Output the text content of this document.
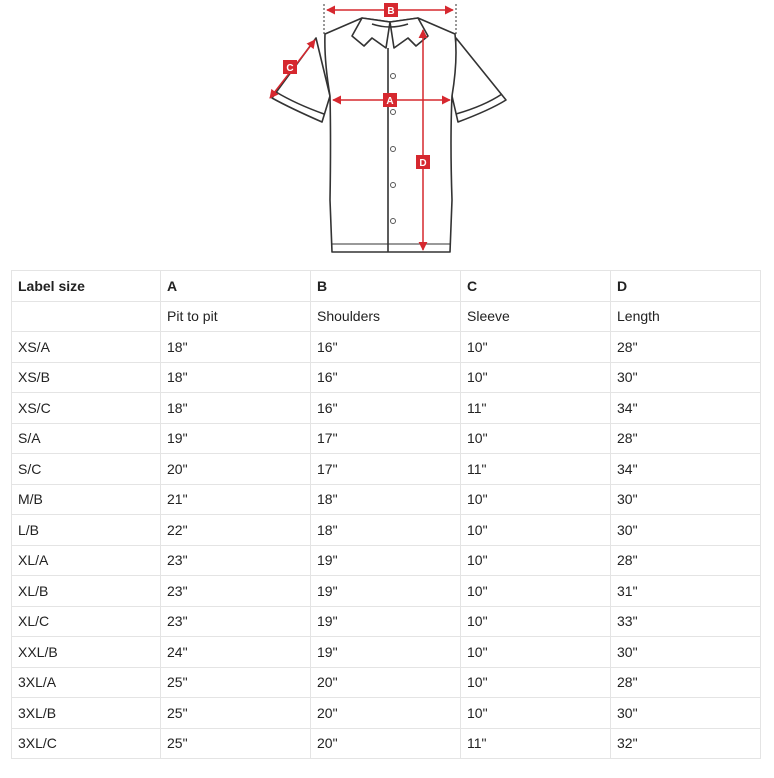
B
C
A
D
Label size	A	B	C	D
	Pit to pit	Shoulders	Sleeve	Length
XS/A	18"	16"	10"	28"
XS/B	18"	16"	10"	30"
XS/C	18"	16"	11"	34"
S/A	19"	17"	10"	28"
S/C	20"	17"	11"	34"
M/B	21"	18"	10"	30"
L/B	22"	18"	10"	30"
XL/A	23"	19"	10"	28"
XL/B	23"	19"	10"	31"
XL/C	23"	19"	10"	33"
XXL/B	24"	19"	10"	30"
3XL/A	25"	20"	10"	28"
3XL/B	25"	20"	10"	30"
3XL/C	25"	20"	11"	32"
